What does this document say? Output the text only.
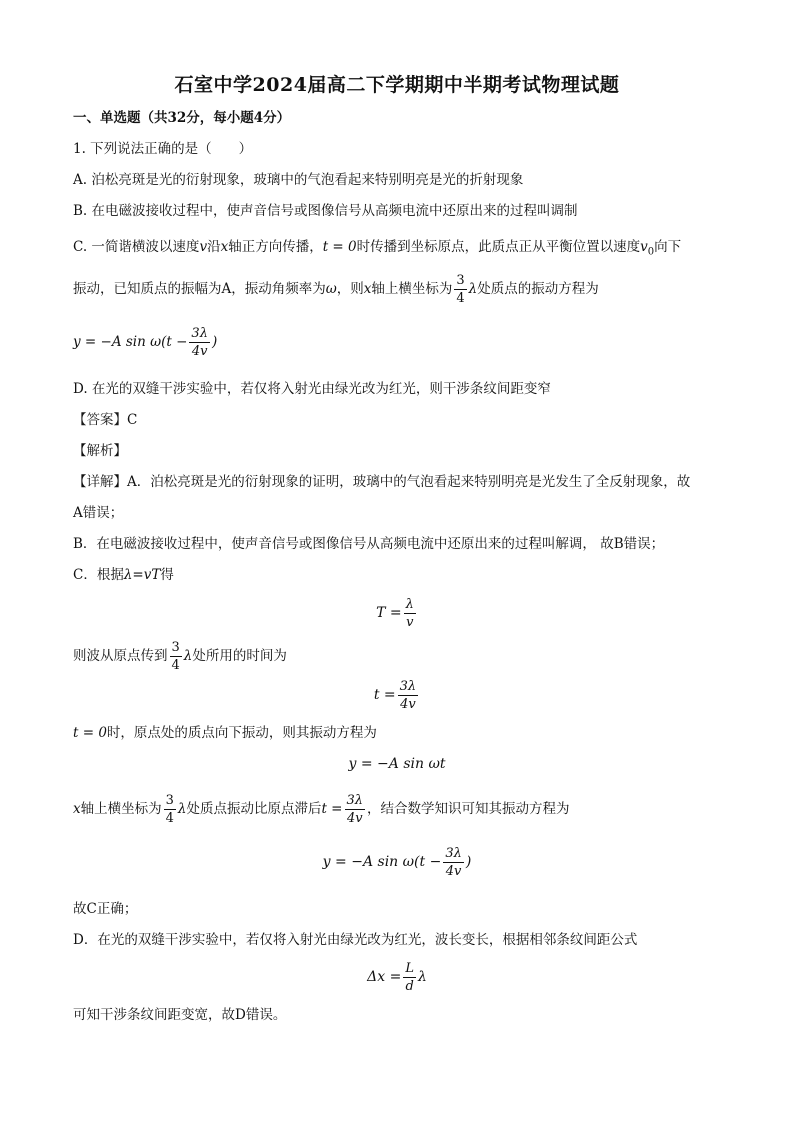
石室中学2024届高二下学期期中半期考试物理试题
一、单选题（共32分，每小题4分）
1. 下列说法正确的是（　　）
A. 泊松亮斑是光的衍射现象，玻璃中的气泡看起来特别明亮是光的折射现象
B. 在电磁波接收过程中，使声音信号或图像信号从高频电流中还原出来的过程叫调制
C. 一简谐横波以速度v沿x轴正方向传播，t = 0时传播到坐标原点，此质点正从平衡位置以速度$v_0$向下
振动，已知质点的振幅为A，振动角频率为ω，则x轴上横坐标为 $\frac{3}{4}$ λ处质点的振动方程为
y = −A $\sin \omega(t - \frac{3\lambda}{4v}$ )
D. 在光的双缝干涉实验中，若仅将入射光由绿光改为红光，则干涉条纹间距变窄
【答案】C
【解析】
【详解】A．泊松亮斑是光的衍射现象的证明，玻璃中的气泡看起来特别明亮是光发生了全反射现象，故
A错误；
B．在电磁波接收过程中，使声音信号或图像信号从高频电流中还原出来的过程叫解调， 故B错误；
C．根据λ=vT得
$T = \frac{\lambda}{v}$
则波从原点传到 $\frac{3}{4}$ λ处所用的时间为
$t = \frac{3\lambda}{4v}$
t = 0时，原点处的质点向下振动，则其振动方程为
y = −A sin ωt
x轴上横坐标为 $\frac{3}{4}$ λ处质点振动比原点滞后$t = \frac{3\lambda}{4v}$ ，结合数学知识可知其振动方程为
y = −A $\sin \omega(t - \frac{3\lambda}{4v}$ )
故C正确；
D．在光的双缝干涉实验中，若仅将入射光由绿光改为红光，波长变长，根据相邻条纹间距公式
$\Delta x = \frac{L}{d}$ λ
可知干涉条纹间距变宽，故D错误。
